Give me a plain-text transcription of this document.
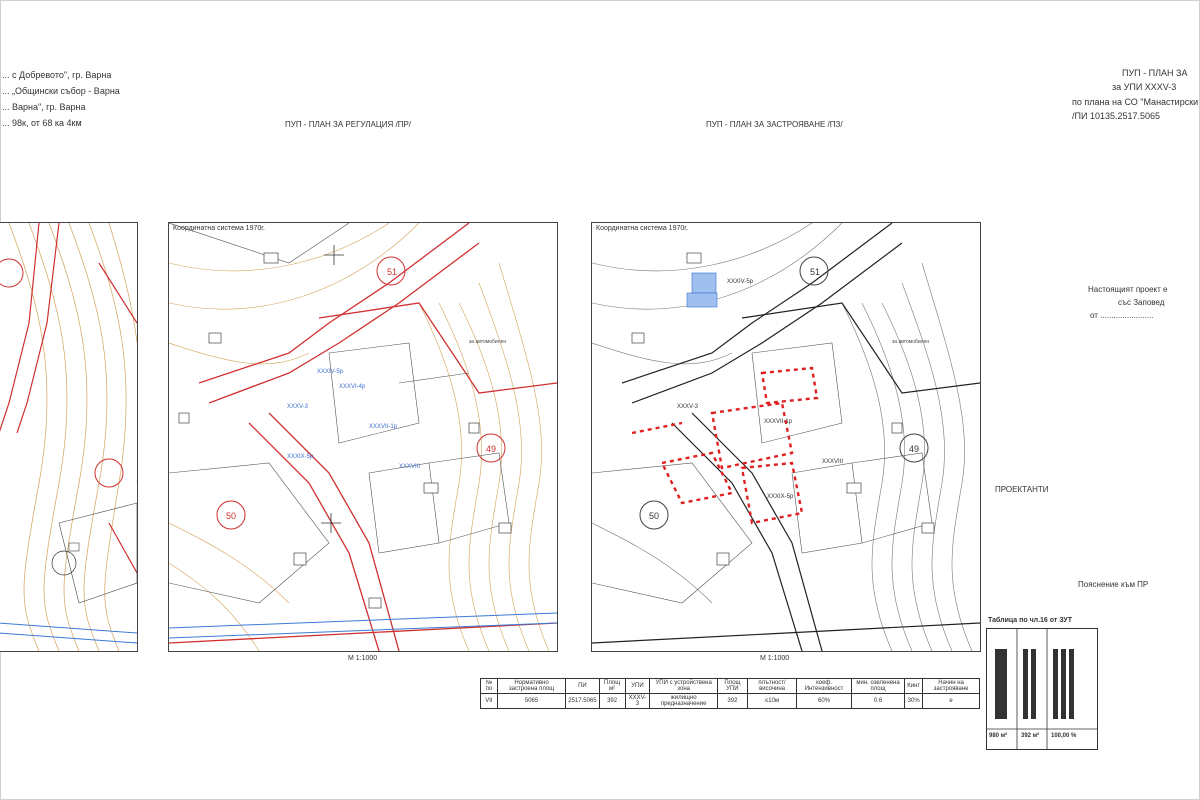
... с Добревото", гр. Варна
... „Общински събор - Варна
... Варна", гр. Варна
... 98к, от 68 ка 4км
ПУП - ПЛАН ЗА
за УПИ XXXV-3
по плана на СО "Манастирски
/ПИ 10135.2517.5065
ПУП - ПЛАН ЗА РЕГУЛАЦИЯ /ПР/	ПУП - ПЛАН ЗА ЗАСТРОЯВАНЕ /ПЗ/
Координатна система 1970г.
51
49
50
XXXIV-5р
XXXV-3
XXXVI-4р
XXXVII-1р
XXXIX-5р
XXXVIII
за автомобилен
М 1:1000
Координатна система 1970г.
51
49
50
XXXIV-5р
XXXV-3
XXXVII-1р
XXXVIII
XXXIX-5р
за автомобилен
М 1:1000
Настоящият проект е
със Заповед
от ........................
ПРОЕКТАНТИ
Пояснение към ПР
№ по	Нормативно застроена площ	ПИ	Площ м²	УПИ	УПИ с устройствена зона	Площ УПИ	плътност/ височина	коеф. Интензивност	мин. озеленена площ	Кинт	Начин на застрояване
VII	5065	2517.5065	392	XXXV-3	жилищно предназначение	392	≤10м	60%	0.6	30%	е
Таблица по чл.16 от ЗУТ
980 м² 392 м² 100,00 %
